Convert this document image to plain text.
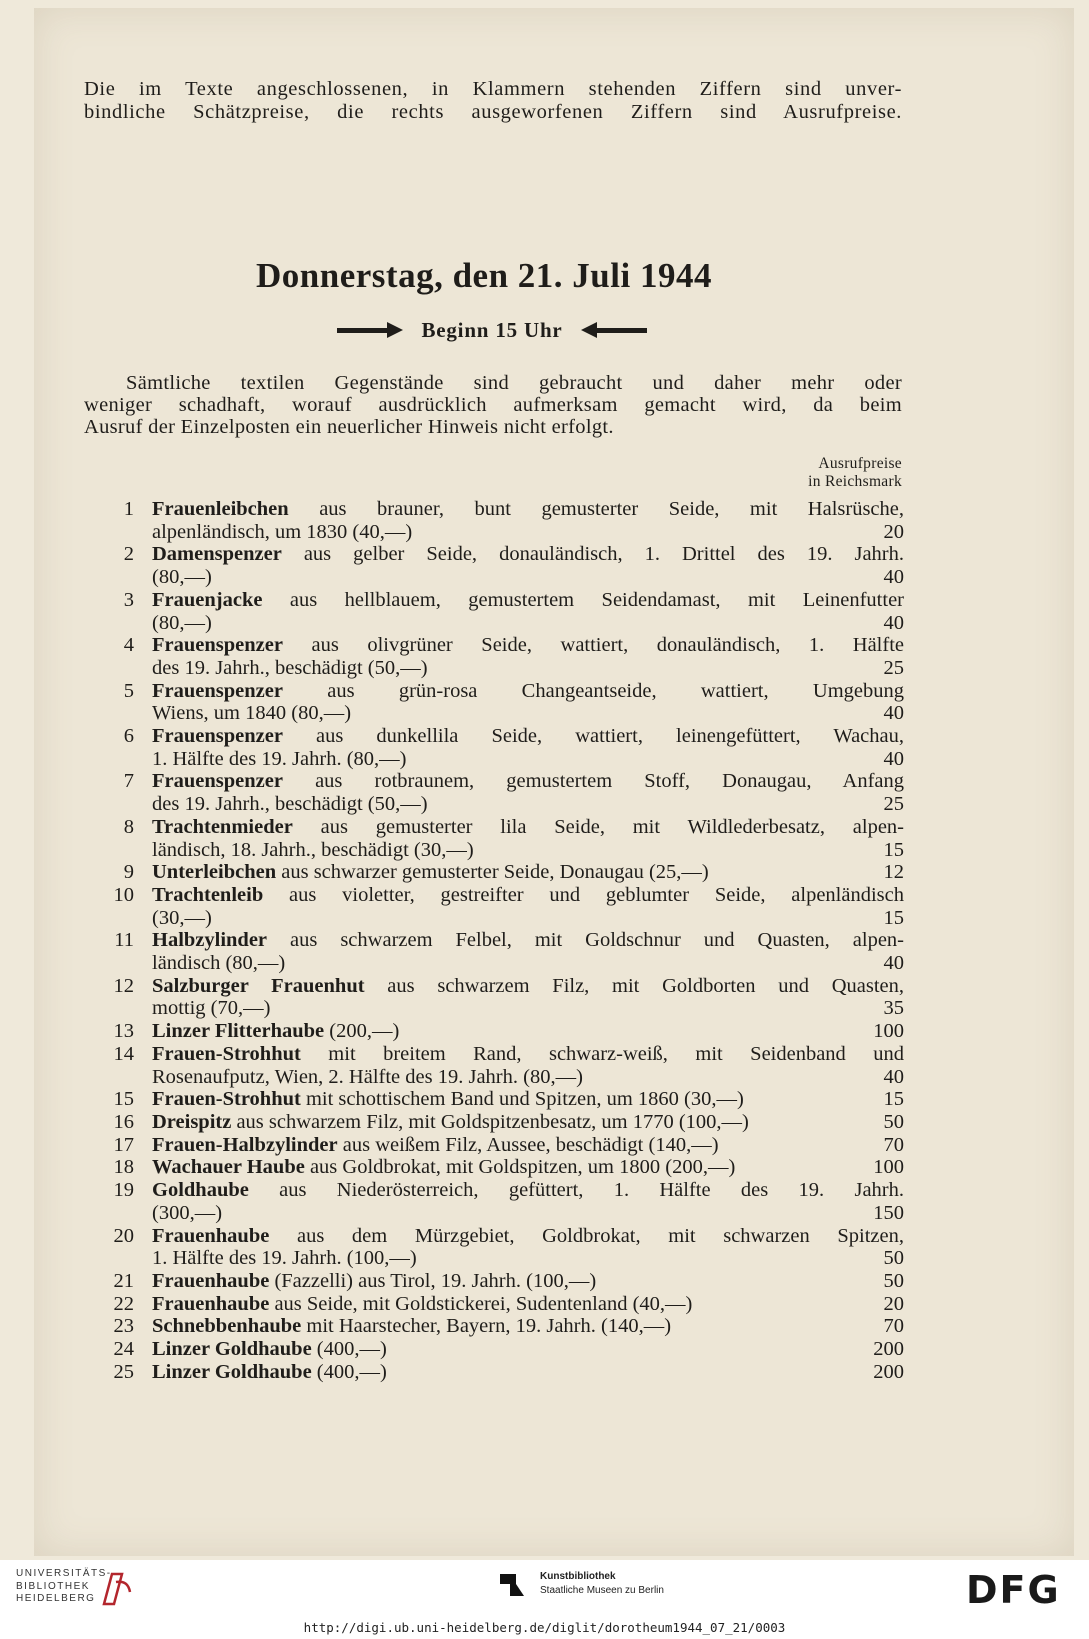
Die im Texte angeschlossenen, in Klammern stehenden Ziffern sind unver-
bindliche Schätzpreise, die rechts ausgeworfenen Ziffern sind Ausrufpreise.
Donnerstag, den 21. Juli 1944
Beginn 15 Uhr
Sämtliche textilen Gegenstände sind gebraucht und daher mehr oder
weniger schadhaft, worauf ausdrücklich aufmerksam gemacht wird, da beim
Ausruf der Einzelposten ein neuerlicher Hinweis nicht erfolgt.
Ausrufpreise
in Reichsmark
1 Frauenleibchen aus brauner, bunt gemusterter Seide, mit Halsrüsche,
alpenländisch, um 1830 (40,—)	20
2 Damenspenzer aus gelber Seide, donauländisch, 1. Drittel des 19. Jahrh.
(80,—)	40
3 Frauenjacke aus hellblauem, gemustertem Seidendamast, mit Leinenfutter
(80,—)	40
4 Frauenspenzer aus olivgrüner Seide, wattiert, donauländisch, 1. Hälfte
des 19. Jahrh., beschädigt (50,—)	25
5 Frauenspenzer aus grün-rosa Changeantseide, wattiert, Umgebung
Wiens, um 1840 (80,—)	40
6 Frauenspenzer aus dunkellila Seide, wattiert, leinengefüttert, Wachau,
1. Hälfte des 19. Jahrh. (80,—)	40
7 Frauenspenzer aus rotbraunem, gemustertem Stoff, Donaugau, Anfang
des 19. Jahrh., beschädigt (50,—)	25
8 Trachtenmieder aus gemusterter lila Seide, mit Wildlederbesatz, alpen-
ländisch, 18. Jahrh., beschädigt (30,—)	15
9 Unterleibchen aus schwarzer gemusterter Seide, Donaugau (25,—)	12
10 Trachtenleib aus violetter, gestreifter und geblumter Seide, alpenländisch
(30,—)	15
11 Halbzylinder aus schwarzem Felbel, mit Goldschnur und Quasten, alpen-
ländisch (80,—)	40
12 Salzburger Frauenhut aus schwarzem Filz, mit Goldborten und Quasten,
mottig (70,—)	35
13 Linzer Flitterhaube (200,—)	100
14 Frauen-Strohhut mit breitem Rand, schwarz-weiß, mit Seidenband und
Rosenaufputz, Wien, 2. Hälfte des 19. Jahrh. (80,—)	40
15 Frauen-Strohhut mit schottischem Band und Spitzen, um 1860 (30,—)	15
16 Dreispitz aus schwarzem Filz, mit Goldspitzenbesatz, um 1770 (100,—)	50
17 Frauen-Halbzylinder aus weißem Filz, Aussee, beschädigt (140,—)	70
18 Wachauer Haube aus Goldbrokat, mit Goldspitzen, um 1800 (200,—)	100
19 Goldhaube aus Niederösterreich, gefüttert, 1. Hälfte des 19. Jahrh.
(300,—)	150
20 Frauenhaube aus dem Mürzgebiet, Goldbrokat, mit schwarzen Spitzen,
1. Hälfte des 19. Jahrh. (100,—)	50
21 Frauenhaube (Fazzelli) aus Tirol, 19. Jahrh. (100,—)	50
22 Frauenhaube aus Seide, mit Goldstickerei, Sudentenland (40,—)	20
23 Schnebbenhaube mit Haarstecher, Bayern, 19. Jahrh. (140,—)	70
24 Linzer Goldhaube (400,—)	200
25 Linzer Goldhaube (400,—)	200
UNIVERSITÄTS-
BIBLIOTHEK
HEIDELBERG
Kunstbibliothek
Staatliche Museen zu Berlin	DFG
http://digi.ub.uni-heidelberg.de/diglit/dorotheum1944_07_21/0003
